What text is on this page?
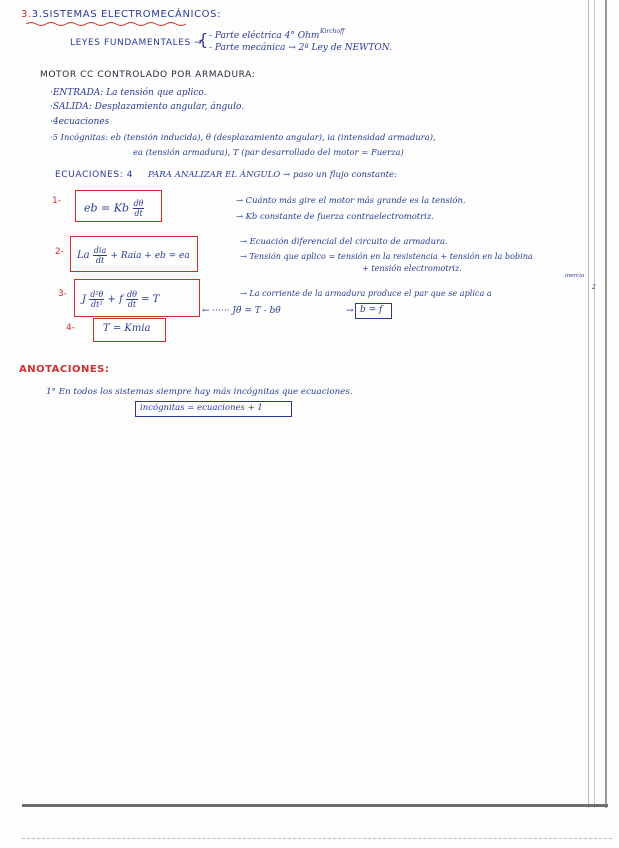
3.3.SISTEMAS ELECTROMECÁNICOS:
LEYES FUNDAMENTALES →
{ - Parte eléctrica 4° Ohm Kirchoff
- Parte mecánica → 2ª Ley de NEWTON.
MOTOR CC CONTROLADO POR ARMADURA:
·ENTRADA: La tensión que aplico.
·SALIDA: Desplazamiento angular, ángulo.
·4ecuaciones
·5 Incógnitas: eb (tensión inducida), θ (desplazamiento angular), ia (intensidad armadura),
ea (tensión armadura), T (par desarrollado del motor = Fuerza)
ECUACIONES: 4 PARA ANALIZAR EL ÁNGULO → paso un flujo constante:
1-
eb = Kb $\frac{d\theta}{dt}$	→ Cuánto más gire el motor más grande es la tensión.
→ Kb constante de fuerza contraelectromotriz.
2- La $\frac{\text{dia}}{dt}$ + Raia + eb = ea
→ Ecuación diferencial del circuito de armadura.
→ Tensión que aplico = tensión en la resistencia + tensión en la bobina
+ tensión electromotriz.
3- J $\frac{\text{d²θ}}{\text{dt²}} + f \frac{d\theta}{dt} = T$
→ La corriente de la armadura produce el par que se aplica a
inercia
2
← ······ Jθ̈ = T - bθ̇	→ b = f
4-	T = Kmia
ANOTACIONES:
1° En todos los sistemas siempre hay más incógnitas que ecuaciones.
incógnitas = ecuaciones + 1
